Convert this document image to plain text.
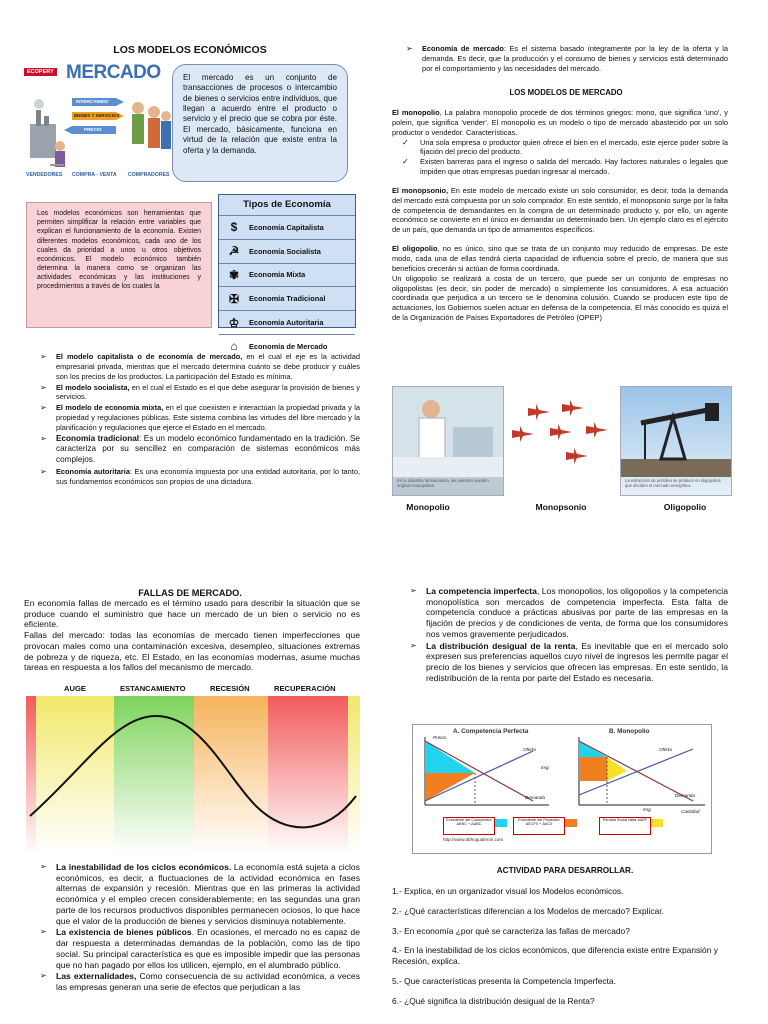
LOS MODELOS ECONÓMICOS
ECOPERY MERCADO
INTERCAMBIO
BIENES Y SERVICIOS
PRECIO
VENDEDORES COMPRA - VENTA COMPRADORES
El mercado es un conjunto de transacciones de procesos o intercambio de bienes o servicios entre individuos, que llegan a acuerdo entre el producto o servicio y el precio que se cobra por éste. El mercado, básicamente, funciona en virtud de la relación que existe entra la oferta y la demanda.
Los modelos económicos son herramientas que permiten simplificar la relación entre variables que explican el funcionamiento de la economía. Existen diferentes modelos económicos, cada uno de los cuales da prioridad a unos u otros objetivos económicos. El modelo económico también determina la manera como se organizan las actividades económicas y las instituciones y procedimientos a través de los cuales la
Tipos de Economía
$	Economía Capitalista
☭	Economía Socialista
✾	Economía Mixta
✠	Economía Tradicional
♔	Economía Autoritaria
⌂	Economía de Mercado
➢ El modelo capitalista o de economía de mercado, en el cual el eje es la actividad empresarial privada, mientras que el mercado determina cuánto se debe producir y cuáles son los precios de los productos. La participación del Estado es mínima.
➢ El modelo socialista, en el cual el Estado es el que debe asegurar la provisión de bienes y servicios.
➢ El modelo de economía mixta, en el que coexisten e interactúan la propiedad privada y la propiedad y regulaciones públicas. Este sistema combina las virtudes del libre mercado y la planificación y regulaciones que ejerce el Estado en el mercado.
➢ Economía tradicional: Es un modelo económico fundamentado en la tradición. Se caracteriza por su sencillez en comparación de sistemas económicos más complejos.
➢ Economía autoritaria: Es una economía impuesta por una entidad autoritaria, por lo tanto, sus fundamentos económicos son propios de una dictadura.
➢ Economía de mercado: Es el sistema basado íntegramente por la ley de la oferta y la demanda. Es decir, que la producción y el consumo de bienes y servicios está determinado por el comportamiento y las necesidades del mercado.
LOS MODELOS DE MERCADO
El monopolio, La palabra monopolio procede de dos términos griegos: mono, que significa 'uno', y polein, que significa 'vender'. El monopolio es un modelo o tipo de mercado abastecido por un solo productor o vendedor. Características.
✓ Una sola empresa o productor quien ofrece el bien en el mercado, este ejerce poder sobre la fijación del precio del producto.
✓ Existen barreras para el ingreso o salida del mercado. Hay factores naturales o legales que impiden que otras empresas puedan ingresar al mercado.
El monopsonio, En este modelo de mercado existe un solo consumidor, es decir, toda la demanda del mercado está compuesta por un solo comprador. En este sentido, el monopsonio surge por la falta de competencia de demandantes en la compra de un determinado producto y, por ello, un agente económico se convierte en el único en demandar un determinado bien. Un ejemplo claro es el ejército de un país, que demanda un tipo de armamentos específicos.
El oligopolio, no es único, sino que se trata de un conjunto muy reducido de empresas. De este modo, cada una de ellas tendrá cierta capacidad de influencia sobre el precio, de manera que sus beneficios crecerán si actúan de forma coordinada.
Un oligopolio se realizará a costa de un tercero, que puede ser un conjunto de empresas no oligopolistas (es decir, sin poder de mercado) o simplemente los consumidores. A esa actuación coordinada que perjudica a un tercero se le denomina colusión. Cuando se producen este tipo de actuaciones, los Gobiernos suelen actuar en defensa de la competencia. El más conocido es quizá el de la Organización de Países Exportadores de Petróleo (OPEP)
En la industria farmacéutica, las patentes pueden originar monopolios.
La extracción de petróleo se produce en oligopolios que deciden el mercado energético.
Monopolio	Monopsonio	Oligopolio
FALLAS DE MERCADO.
En economía fallas de mercado es el término usado para describir la situación que se produce cuando el suministro que hace un mercado de un bien o servicio no es eficiente.
Fallas del mercado: todas las economías de mercado tienen imperfecciones que provocan males como una contaminación excesiva, desempleo, situaciones extremas de pobreza y de riqueza, etc. El Estado, en las economías modernas, asume muchas tareas en respuesta a los fallos del mecanismo de mercado.
AUGE	ESTANCAMIENTO	RECESIÓN	RECUPERACIÓN
➢ La inestabilidad de los ciclos económicos. La economía está sujeta a ciclos económicos, es decir, a fluctuaciones de la actividad económica en fases alternas de expansión y recesión. Mientras que en las primeras la actividad económica y el empleo crecen considerablemente; en las segundas una gran parte de los recursos productivos disponibles permanecen ociosos, lo que hace que el valor de la producción de bienes y servicios disminuya notablemente.
➢ La existencia de bienes públicos. En ocasiones, el mercado no es capaz de dar respuesta a determinadas demandas de la población, como las de tipo social. Su principal característica es que es imposible impedir que las personas que no han pagado por ellos los utilicen, ejemplo, en el alumbrado público.
➢ Las externalidades, Como consecuencia de su actividad económica, a veces las empresas generan una serie de efectos que perjudican a las
➢ La competencia imperfecta, Los monopolios, los oligopolios y la competencia monopolística son mercados de competencia imperfecta. Esta falta de competencia conduce a prácticas abusivas por parte de las empresas en la fijación de precios y de condiciones de venta, de forma que los consumidores nos vemos gravemente perjudicados.
➢ La distribución desigual de la renta, Es inevitable que en el mercado solo expresen sus preferencias aquellos cuyo nivel de ingresos les permite pagar el precio de los bienes y servicios que ofrecen las empresas. En este sentido, la redistribución de la renta por parte del Estado es necesaria.
A. Competencia Perfecta	B. Monopolio
Precio
Oferta
Demanda
Img
Oferta
Demanda
Img	Cantidad
Excedente del Consumidor ΔEBC + ΔABC
Excedente del Productor ΔECF0 + ΔAC0
Pérdida Social Neta ΔAEF
http://www.abhugualmon.com
ACTIVIDAD PARA DESARROLLAR.

1.- Explica, en un organizador visual los Modelos económicos.

2.- ¿Qué características diferencian a los Modelos de mercado? Explicar.

3.- En economía ¿por qué se caracteriza las fallas de mercado?

4.- En la inestabilidad de los ciclos económicos, que diferencia existe entre Expansión y Recesión, explica.

5.- Que características presenta la Competencia Imperfecta.

6.- ¿Qué significa la distribución desigual de la Renta?
